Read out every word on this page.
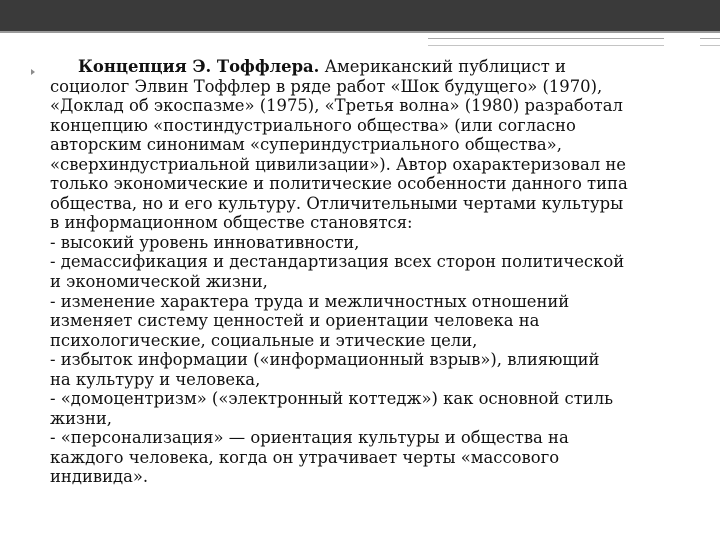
Концепция Э. Тоффлера. Американский публицист и
социолог Элвин Тоффлер в ряде работ «Шок будущего» (1970),
«Доклад об экоспазме» (1975), «Третья волна» (1980) разработал
концепцию «постиндустриального общества» (или согласно
авторским синонимам «супериндустриального общества»,
«сверхиндустриальной цивилизации»). Автор охарактеризовал не
только экономические и политические особенности данного типа
общества, но и его культуру. Отличительными чертами культуры
в информационном обществе становятся:
- высокий уровень инновативности,
- демассификация и дестандартизация всех сторон политической
и экономической жизни,
- изменение характера труда и межличностных отношений
изменяет систему ценностей и ориентации человека на
психологические, социальные и этические цели,
- избыток информации («информационный взрыв»), влияющий
на культуру и человека,
- «домоцентризм» («электронный коттедж») как основной стиль
жизни,
- «персонализация» — ориентация культуры и общества на
каждого человека, когда он утрачивает черты «массового
индивида».
